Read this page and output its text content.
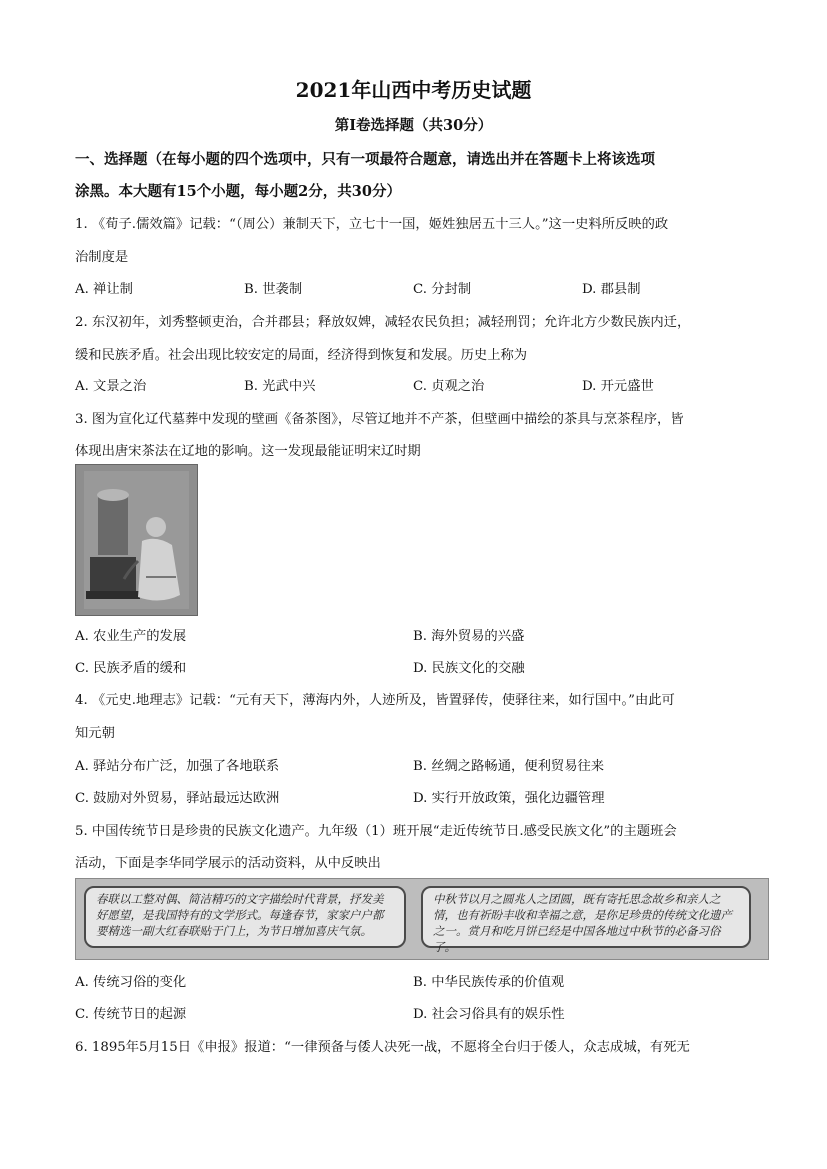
2021年山西中考历史试题
第I卷选择题（共30分）
一、选择题（在每小题的四个选项中，只有一项最符合题意，请选出并在答题卡上将该选项
涂黑。本大题有15个小题，每小题2分，共30分）
1. 《荀子.儒效篇》记载：“（周公）兼制天下，立七十一国，姬姓独居五十三人。”这一史料所反映的政
治制度是
A. 禅让制	B. 世袭制	C. 分封制	D. 郡县制
2. 东汉初年，刘秀整顿吏治，合并郡县；释放奴婢，减轻农民负担；减轻刑罚；允许北方少数民族内迁，
缓和民族矛盾。社会出现比较安定的局面，经济得到恢复和发展。历史上称为
A. 文景之治	B. 光武中兴	C. 贞观之治	D. 开元盛世
3. 图为宣化辽代墓葬中发现的壁画《备茶图》，尽管辽地并不产茶，但壁画中描绘的茶具与烹茶程序，皆
体现出唐宋茶法在辽地的影响。这一发现最能证明宋辽时期
A. 农业生产的发展	B. 海外贸易的兴盛
C. 民族矛盾的缓和	D. 民族文化的交融
4. 《元史.地理志》记载：“元有天下，薄海内外，人迹所及，皆置驿传，使驿往来，如行国中。”由此可
知元朝
A. 驿站分布广泛，加强了各地联系	B. 丝绸之路畅通，便利贸易往来
C. 鼓励对外贸易，驿站最远达欧洲	D. 实行开放政策，强化边疆管理
5. 中国传统节日是珍贵的民族文化遗产。九年级（1）班开展“走近传统节日.感受民族文化”的主题班会
活动，下面是李华同学展示的活动资料，从中反映出
春联以工整对偶、简洁精巧的文字描绘时代背景，抒发美好愿望，是我国特有的文学形式。每逢春节，家家户户都要精选一副大红春联贴于门上，为节日增加喜庆气氛。
中秋节以月之圆兆人之团圆，既有寄托思念故乡和亲人之情，也有祈盼丰收和幸福之意，是你足珍贵的传统文化遗产之一。赏月和吃月饼已经是中国各地过中秋节的必备习俗了。
A. 传统习俗的变化	B. 中华民族传承的价值观
C. 传统节日的起源	D. 社会习俗具有的娱乐性
6. 1895年5月15日《申报》报道：“一律预备与倭人决死一战，不愿将全台归于倭人，众志成城，有死无
